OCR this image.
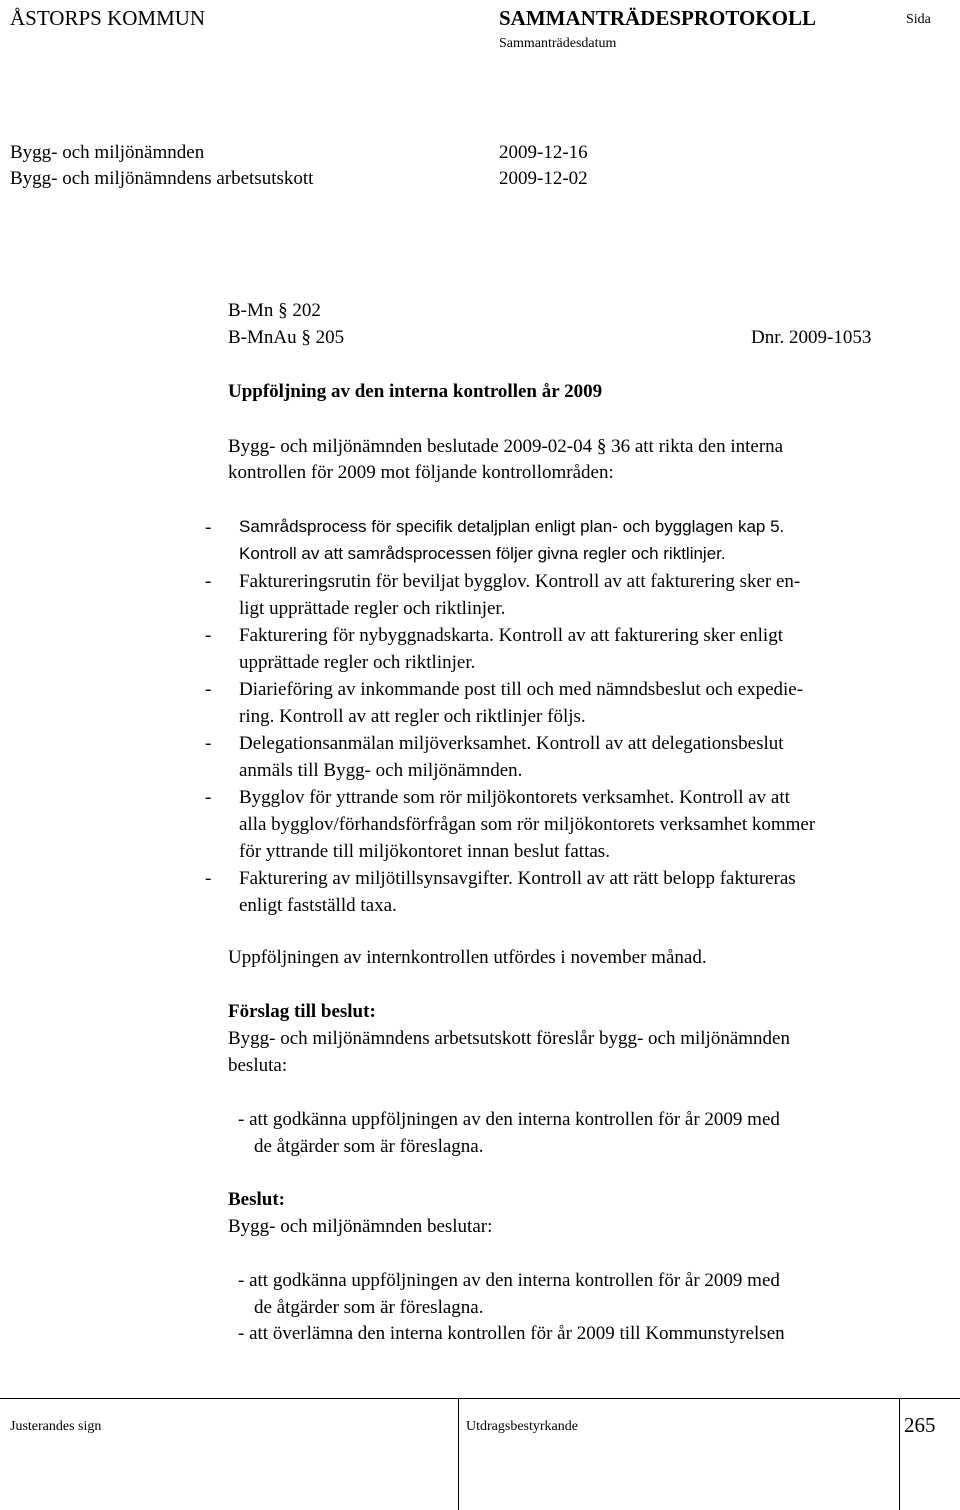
ÅSTORPS KOMMUN	SAMMANTRÄDESPROTOKOLL
Sammanträdesdatum
Sida
Bygg- och miljönämnden	2009-12-16
Bygg- och miljönämndens arbetsutskott	2009-12-02
B-Mn § 202
B-MnAu § 205	Dnr. 2009-1053
Uppföljning av den interna kontrollen år 2009
Bygg- och miljönämnden beslutade 2009-02-04 § 36 att rikta den interna
kontrollen för 2009 mot följande kontrollområden:
- Samrådsprocess för specifik detaljplan enligt plan- och bygglagen kap 5.
Kontroll av att samrådsprocessen följer givna regler och riktlinjer.
- Faktureringsrutin för beviljat bygglov. Kontroll av att fakturering sker en-
ligt upprättade regler och riktlinjer.
- Fakturering för nybyggnadskarta. Kontroll av att fakturering sker enligt
upprättade regler och riktlinjer.
- Diarieföring av inkommande post till och med nämndsbeslut och expedie-
ring. Kontroll av att regler och riktlinjer följs.
- Delegationsanmälan miljöverksamhet. Kontroll av att delegationsbeslut
anmäls till Bygg- och miljönämnden.
- Bygglov för yttrande som rör miljökontorets verksamhet. Kontroll av att
alla bygglov/förhandsförfrågan som rör miljökontorets verksamhet kommer
för yttrande till miljökontoret innan beslut fattas.
- Fakturering av miljötillsynsavgifter. Kontroll av att rätt belopp faktureras
enligt fastställd taxa.
Uppföljningen av internkontrollen utfördes i november månad.
Förslag till beslut:
Bygg- och miljönämndens arbetsutskott föreslår bygg- och miljönämnden
besluta:
- att godkänna uppföljningen av den interna kontrollen för år 2009 med
de åtgärder som är föreslagna.
Beslut:
Bygg- och miljönämnden beslutar:
- att godkänna uppföljningen av den interna kontrollen för år 2009 med
de åtgärder som är föreslagna.
- att överlämna den interna kontrollen för år 2009 till Kommunstyrelsen
Justerandes sign	Utdragsbestyrkande	265
